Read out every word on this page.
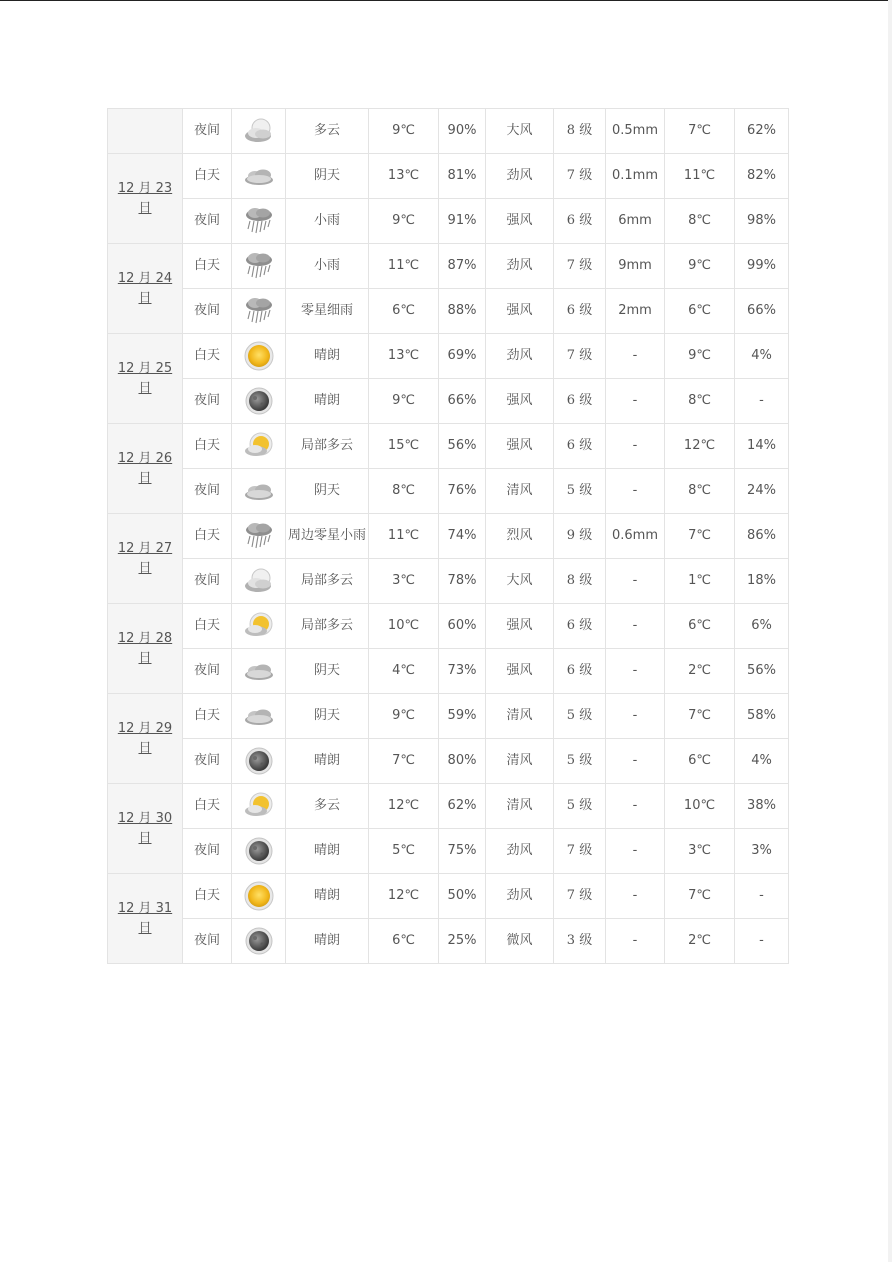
	夜间		多云	9℃	90%	大风	8 级	0.5mm	7℃	62%
12 月 23 日	白天		阴天	13℃	81%	劲风	7 级	0.1mm	11℃	82%
	夜间		小雨	9℃	91%	强风	6 级	6mm	8℃	98%
12 月 24 日	白天		小雨	11℃	87%	劲风	7 级	9mm	9℃	99%
	夜间		零星细雨	6℃	88%	强风	6 级	2mm	6℃	66%
12 月 25 日	白天		晴朗	13℃	69%	劲风	7 级	-	9℃	4%
	夜间		晴朗	9℃	66%	强风	6 级	-	8℃	-
12 月 26 日	白天		局部多云	15℃	56%	强风	6 级	-	12℃	14%
	夜间		阴天	8℃	76%	清风	5 级	-	8℃	24%
12 月 27 日	白天		周边零星小雨	11℃	74%	烈风	9 级	0.6mm	7℃	86%
	夜间		局部多云	3℃	78%	大风	8 级	-	1℃	18%
12 月 28 日	白天		局部多云	10℃	60%	强风	6 级	-	6℃	6%
	夜间		阴天	4℃	73%	强风	6 级	-	2℃	56%
12 月 29 日	白天		阴天	9℃	59%	清风	5 级	-	7℃	58%
	夜间		晴朗	7℃	80%	清风	5 级	-	6℃	4%
12 月 30 日	白天		多云	12℃	62%	清风	5 级	-	10℃	38%
	夜间		晴朗	5℃	75%	劲风	7 级	-	3℃	3%
12 月 31 日	白天		晴朗	12℃	50%	劲风	7 级	-	7℃	-
	夜间		晴朗	6℃	25%	微风	3 级	-	2℃	-
